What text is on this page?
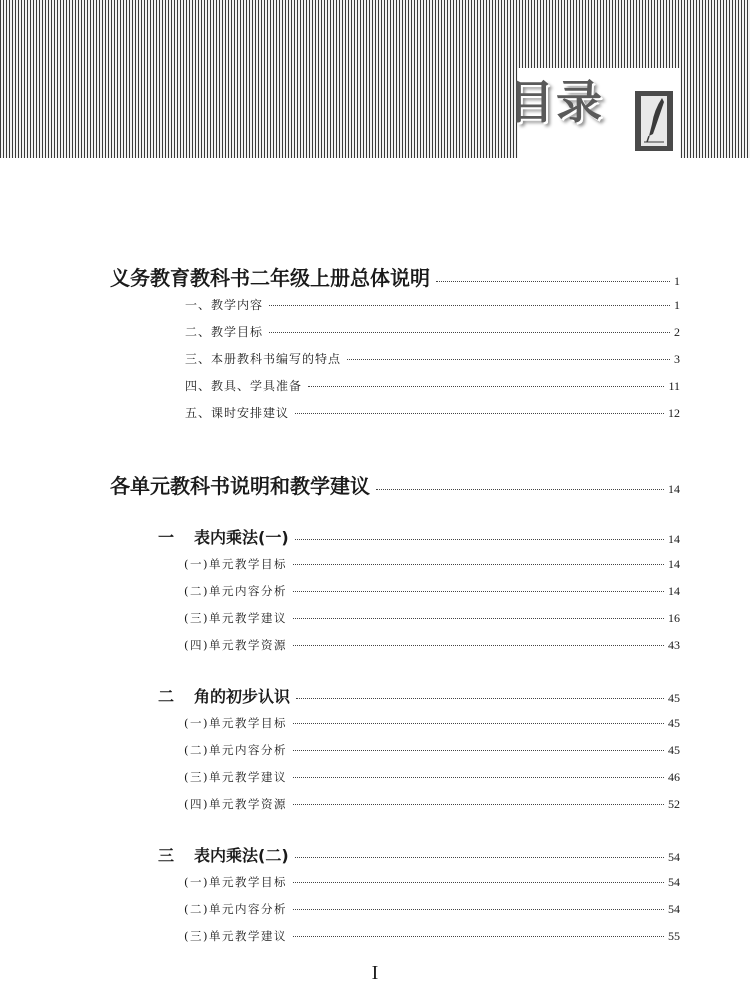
目录
义务教育教科书二年级上册总体说明	1
一、教学内容	1
二、教学目标	2
三、本册教科书编写的特点	3
四、教具、学具准备	11
五、课时安排建议	12
各单元教科书说明和教学建议	14
一 表内乘法(一)	14
(一)单元教学目标	14
(二)单元内容分析	14
(三)单元教学建议	16
(四)单元教学资源	43
二 角的初步认识	45
(一)单元教学目标	45
(二)单元内容分析	45
(三)单元教学建议	46
(四)单元教学资源	52
三 表内乘法(二)	54
(一)单元教学目标	54
(二)单元内容分析	54
(三)单元教学建议	55
I
